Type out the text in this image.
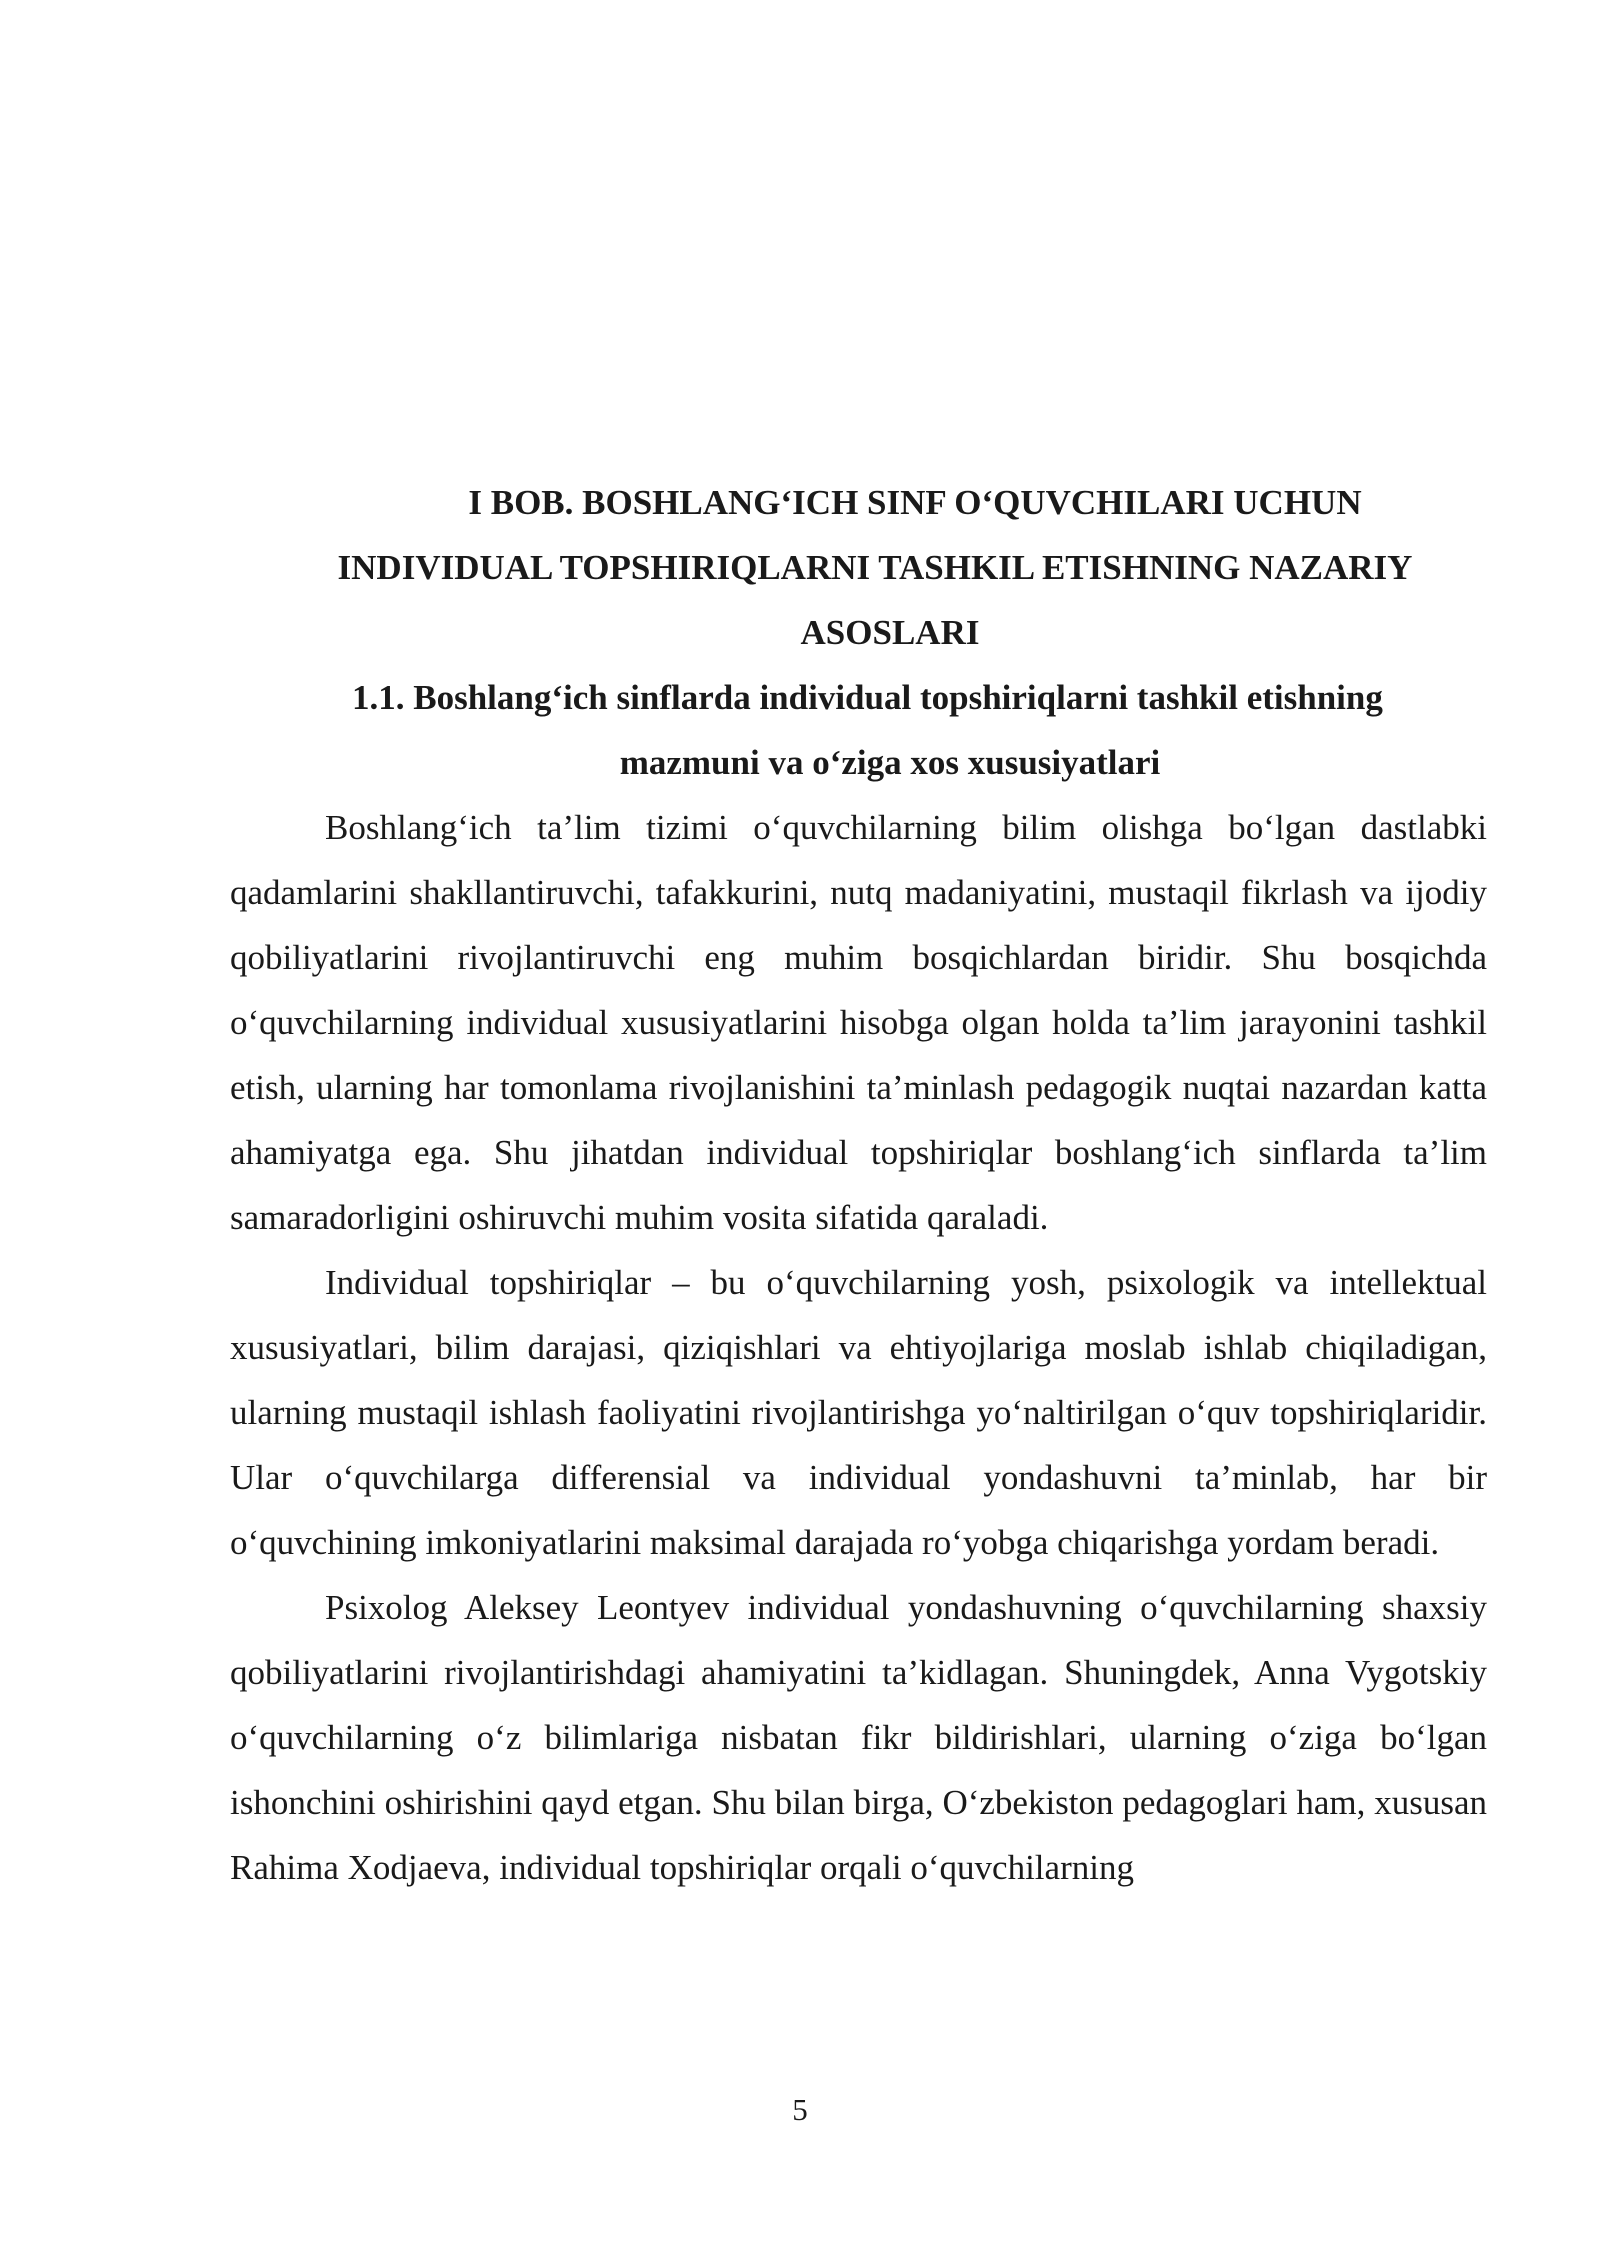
I BOB. BOSHLANG‘ICH SINF O‘QUVCHILARI UCHUN
INDIVIDUAL TOPSHIRIQLARNI TASHKIL ETISHNING NAZARIY
ASOSLARI
1.1. Boshlang‘ich sinflarda individual topshiriqlarni tashkil etishning
mazmuni va o‘ziga xos xususiyatlari

Boshlang‘ich ta’lim tizimi o‘quvchilarning bilim olishga bo‘lgan dastlabki qadamlarini shakllantiruvchi, tafakkurini, nutq madaniyatini, mustaqil fikrlash va ijodiy qobiliyatlarini rivojlantiruvchi eng muhim bosqichlardan biridir. Shu bosqichda o‘quvchilarning individual xususiyatlarini hisobga olgan holda ta’lim jarayonini tashkil etish, ularning har tomonlama rivojlanishini ta’minlash pedagogik nuqtai nazardan katta ahamiyatga ega. Shu jihatdan individual topshiriqlar boshlang‘ich sinflarda ta’lim samaradorligini oshiruvchi muhim vosita sifatida qaraladi.

Individual topshiriqlar – bu o‘quvchilarning yosh, psixologik va intellektual xususiyatlari, bilim darajasi, qiziqishlari va ehtiyojlariga moslab ishlab chiqiladigan, ularning mustaqil ishlash faoliyatini rivojlantirishga yo‘naltirilgan o‘quv topshiriqlaridir. Ular o‘quvchilarga differensial va individual yondashuvni ta’minlab, har bir o‘quvchining imkoniyatlarini maksimal darajada ro‘yobga chiqarishga yordam beradi.

Psixolog Aleksey Leontyev individual yondashuvning o‘quvchilarning shaxsiy qobiliyatlarini rivojlantirishdagi ahamiyatini ta’kidlagan. Shuningdek, Anna Vygotskiy o‘quvchilarning o‘z bilimlariga nisbatan fikr bildirishlari, ularning o‘ziga bo‘lgan ishonchini oshirishini qayd etgan. Shu bilan birga, O‘zbekiston pedagoglari ham, xususan Rahima Xodjaeva, individual topshiriqlar orqali o‘quvchilarning

5
